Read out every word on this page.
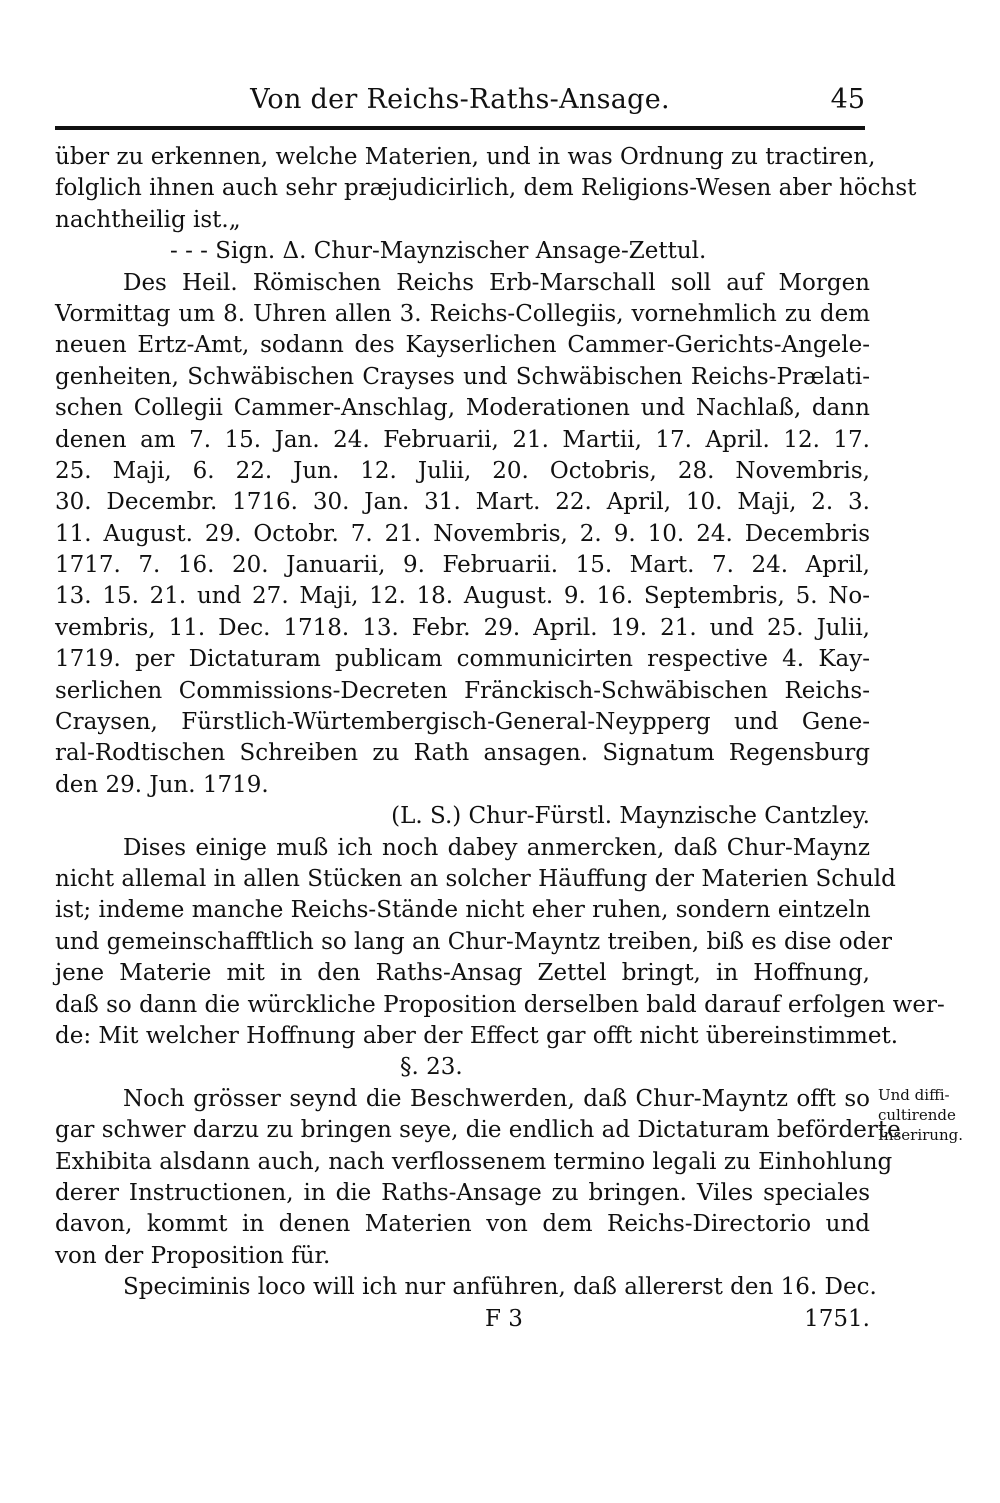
Von der Reichs-Raths-Ansage.	45
über zu erkennen, welche Materien, und in was Ordnung zu tractiren,
folglich ihnen auch sehr præjudicirlich, dem Religions-Wesen aber höchst
nachtheilig ist.„
- - - Sign. Δ. Chur-Maynzischer Ansage-Zettul.
Des Heil. Römischen Reichs Erb-Marschall soll auf Morgen
Vormittag um 8. Uhren allen 3. Reichs-Collegiis, vornehmlich zu dem
neuen Ertz-Amt, sodann des Kayserlichen Cammer-Gerichts-Angele-
genheiten, Schwäbischen Crayses und Schwäbischen Reichs-Prælati-
schen Collegii Cammer-Anschlag, Moderationen und Nachlaß, dann
denen am 7. 15. Jan. 24. Februarii, 21. Martii, 17. April. 12. 17.
25. Maji, 6. 22. Jun. 12. Julii, 20. Octobris, 28. Novembris,
30. Decembr. 1716. 30. Jan. 31. Mart. 22. April, 10. Maji, 2. 3.
11. August. 29. Octobr. 7. 21. Novembris, 2. 9. 10. 24. Decembris
1717. 7. 16. 20. Januarii, 9. Februarii. 15. Mart. 7. 24. April,
13. 15. 21. und 27. Maji, 12. 18. August. 9. 16. Septembris, 5. No-
vembris, 11. Dec. 1718. 13. Febr. 29. April. 19. 21. und 25. Julii,
1719. per Dictaturam publicam communicirten respective 4. Kay-
serlichen Commissions-Decreten Fränckisch-Schwäbischen Reichs-
Craysen, Fürstlich-Würtembergisch-General-Neypperg und Gene-
ral-Rodtischen Schreiben zu Rath ansagen. Signatum Regensburg
den 29. Jun. 1719.
(L. S.) Chur-Fürstl. Maynzische Cantzley.
Dises einige muß ich noch dabey anmercken, daß Chur-Maynz
nicht allemal in allen Stücken an solcher Häuffung der Materien Schuld
ist; indeme manche Reichs-Stände nicht eher ruhen, sondern eintzeln
und gemeinschafftlich so lang an Chur-Mayntz treiben, biß es dise oder
jene Materie mit in den Raths-Ansag Zettel bringt, in Hoffnung,
daß so dann die würckliche Proposition derselben bald darauf erfolgen wer-
de: Mit welcher Hoffnung aber der Effect gar offt nicht übereinstimmet.
§. 23.
Noch grösser seynd die Beschwerden, daß Chur-Mayntz offt so
gar schwer darzu zu bringen seye, die endlich ad Dictaturam beförderte
Exhibita alsdann auch, nach verflossenem termino legali zu Einhohlung
derer Instructionen, in die Raths-Ansage zu bringen. Viles speciales
davon, kommt in denen Materien von dem Reichs-Directorio und
von der Proposition für.
Speciminis loco will ich nur anführen, daß allererst den 16. Dec.
Und diffi-
cultirende
Inserirung.
F 3	1751.
